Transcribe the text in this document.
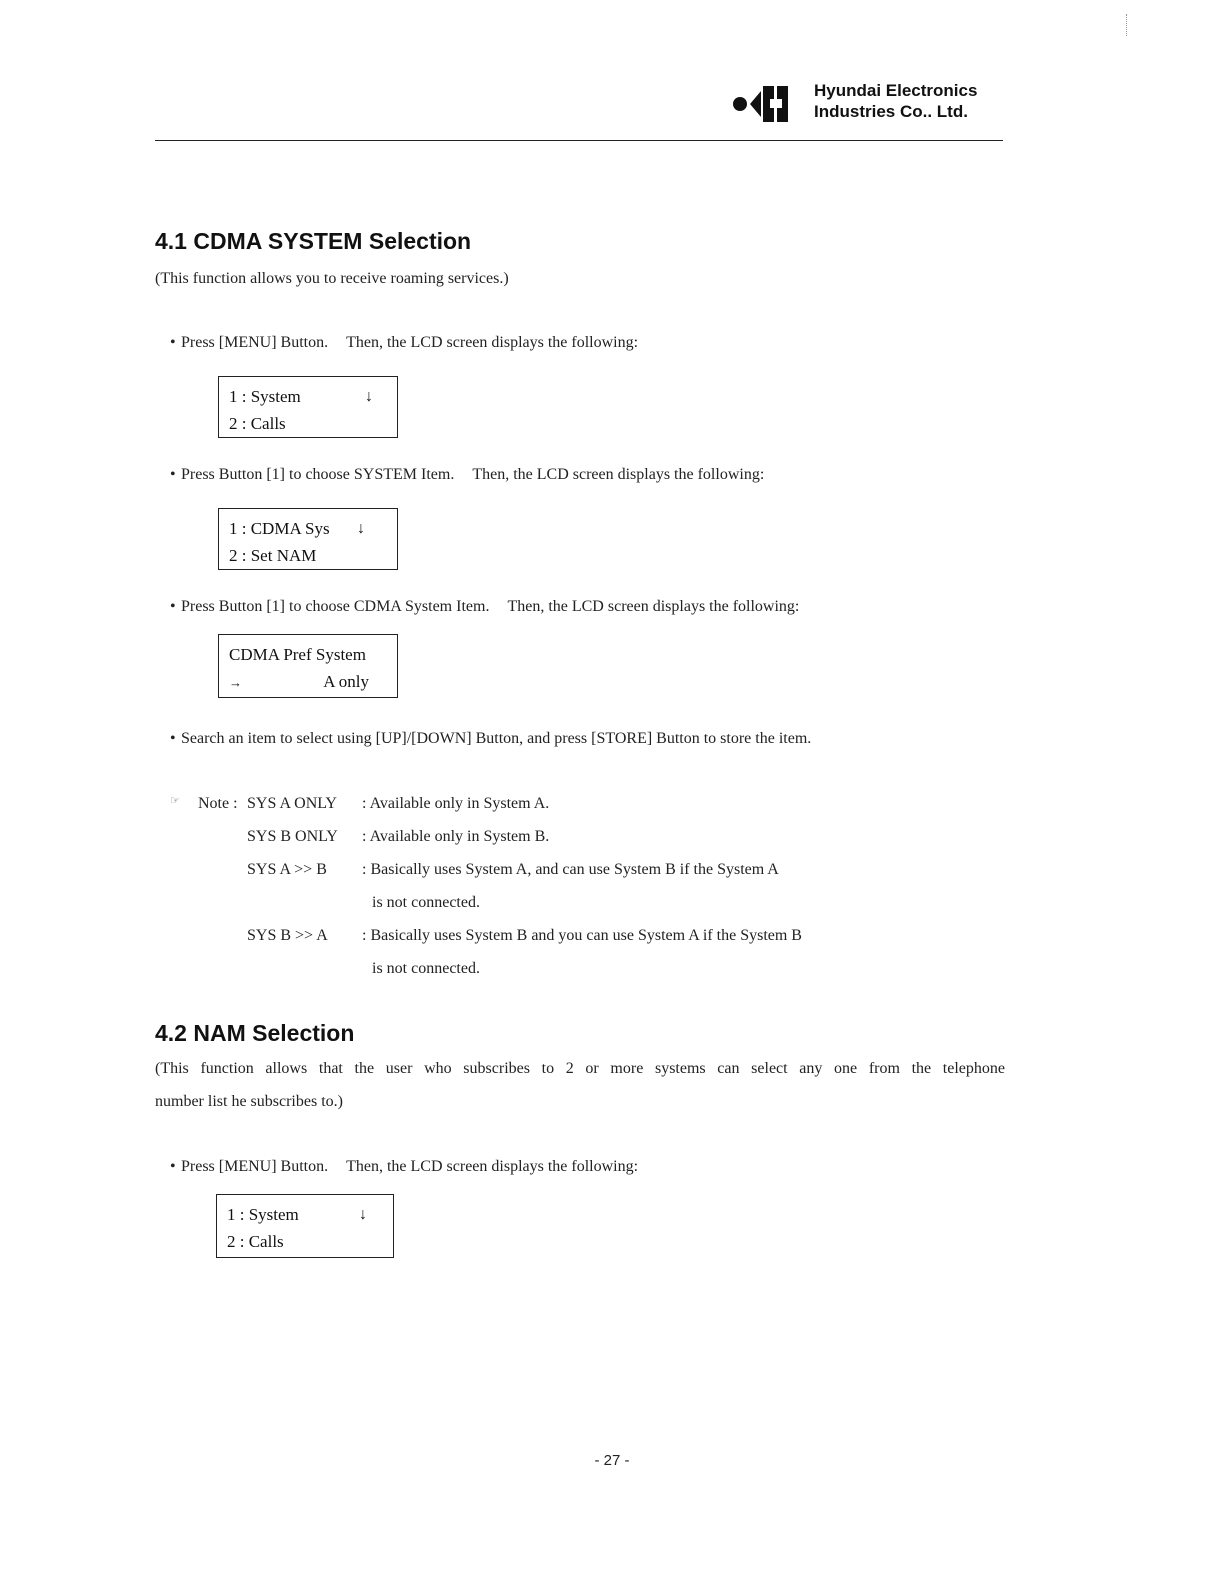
Hyundai Electronics
Industries Co.. Ltd.
4.1 CDMA SYSTEM Selection
(This function allows you to receive roaming services.)
• Press [MENU] Button. Then, the LCD screen displays the following:
1 : System	↓
2 : Calls
• Press Button [1] to choose SYSTEM Item. Then, the LCD screen displays the following:
1 : CDMA Sys ↓
2 : Set NAM
• Press Button [1] to choose CDMA System Item. Then, the LCD screen displays the following:
CDMA Pref System
→	A only
• Search an item to select using [UP]/[DOWN] Button, and press [STORE] Button to store the item.
☞ Note : SYS A ONLY : Available only in System A.
SYS B ONLY : Available only in System B.
SYS A >> B : Basically uses System A, and can use System B if the System A
is not connected.
SYS B >> A : Basically uses System B and you can use System A if the System B
is not connected.
4.2 NAM Selection
(This function allows that the user who subscribes to 2 or more systems can select any one from the telephone
number list he subscribes to.)
• Press [MENU] Button. Then, the LCD screen displays the following:
1 : System	↓
2 : Calls
- 27 -
